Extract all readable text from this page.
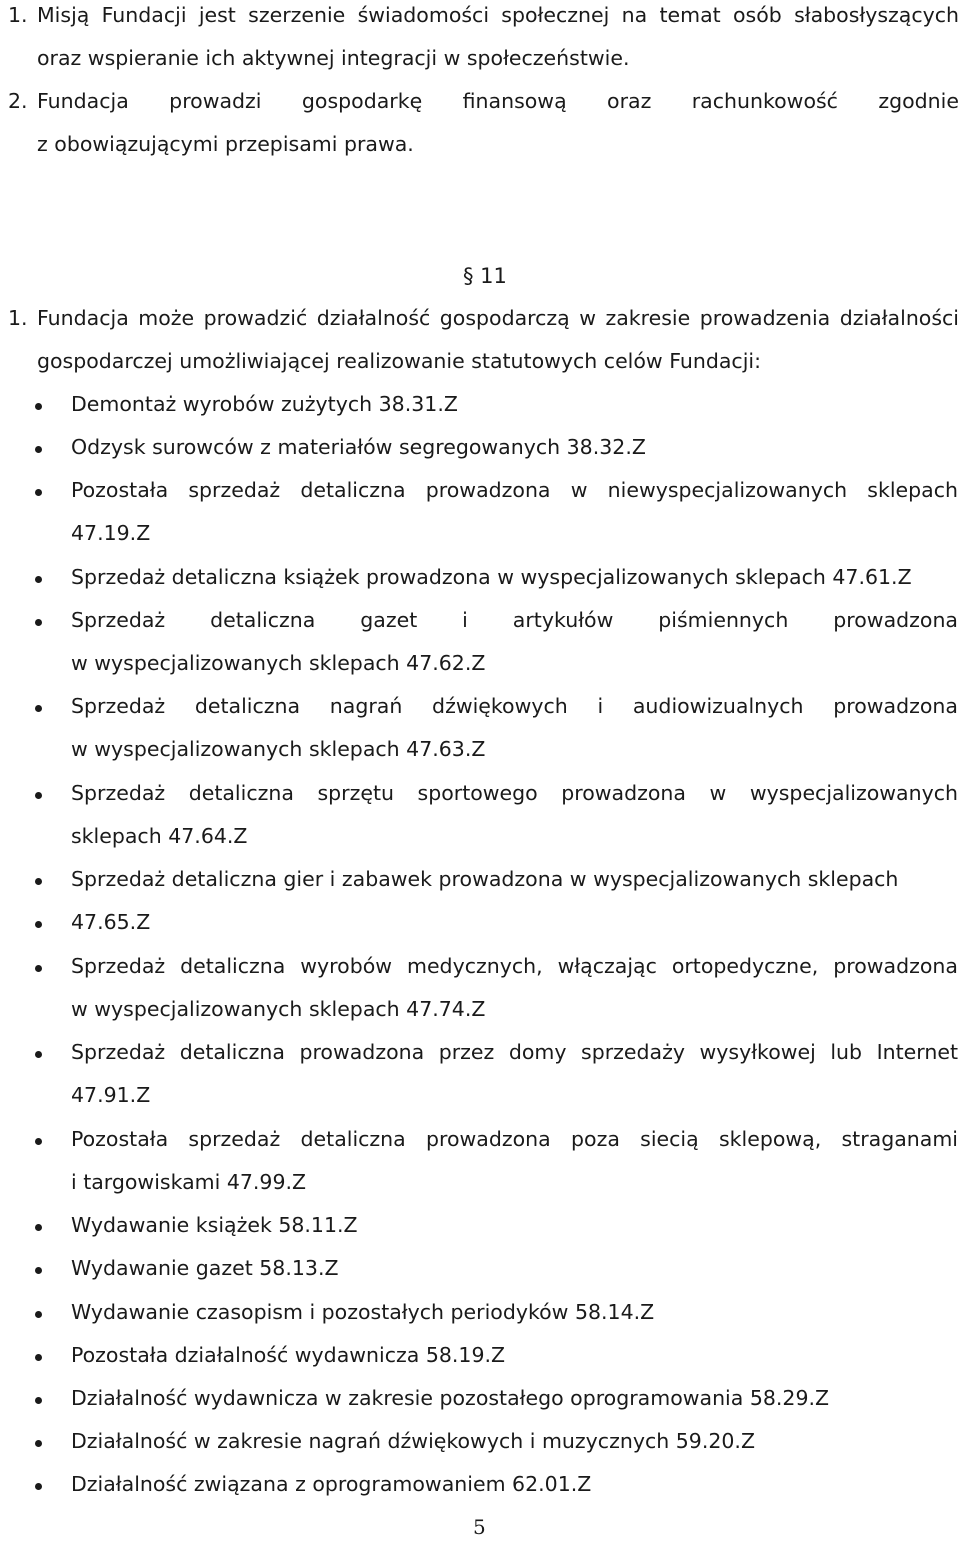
1. Misją Fundacji jest szerzenie świadomości społecznej na temat osób słabosłyszących
oraz wspieranie ich aktywnej integracji w społeczeństwie.
2. Fundacja prowadzi gospodarkę finansową oraz rachunkowość zgodnie
z obowiązującymi przepisami prawa.
§ 11
1. Fundacja może prowadzić działalność gospodarczą w zakresie prowadzenia działalności
gospodarczej umożliwiającej realizowanie statutowych celów Fundacji:
Demontaż wyrobów zużytych 38.31.Z
Odzysk surowców z materiałów segregowanych 38.32.Z
Pozostała sprzedaż detaliczna prowadzona w niewyspecjalizowanych sklepach
47.19.Z
Sprzedaż detaliczna książek prowadzona w wyspecjalizowanych sklepach 47.61.Z
Sprzedaż detaliczna gazet i artykułów piśmiennych prowadzona
w wyspecjalizowanych sklepach 47.62.Z
Sprzedaż detaliczna nagrań dźwiękowych i audiowizualnych prowadzona
w wyspecjalizowanych sklepach 47.63.Z
Sprzedaż detaliczna sprzętu sportowego prowadzona w wyspecjalizowanych
sklepach 47.64.Z
Sprzedaż detaliczna gier i zabawek prowadzona w wyspecjalizowanych sklepach
47.65.Z
Sprzedaż detaliczna wyrobów medycznych, włączając ortopedyczne, prowadzona
w wyspecjalizowanych sklepach 47.74.Z
Sprzedaż detaliczna prowadzona przez domy sprzedaży wysyłkowej lub Internet
47.91.Z
Pozostała sprzedaż detaliczna prowadzona poza siecią sklepową, straganami
i targowiskami 47.99.Z
Wydawanie książek 58.11.Z
Wydawanie gazet 58.13.Z
Wydawanie czasopism i pozostałych periodyków 58.14.Z
Pozostała działalność wydawnicza 58.19.Z
Działalność wydawnicza w zakresie pozostałego oprogramowania 58.29.Z
Działalność w zakresie nagrań dźwiękowych i muzycznych 59.20.Z
Działalność związana z oprogramowaniem 62.01.Z
5
